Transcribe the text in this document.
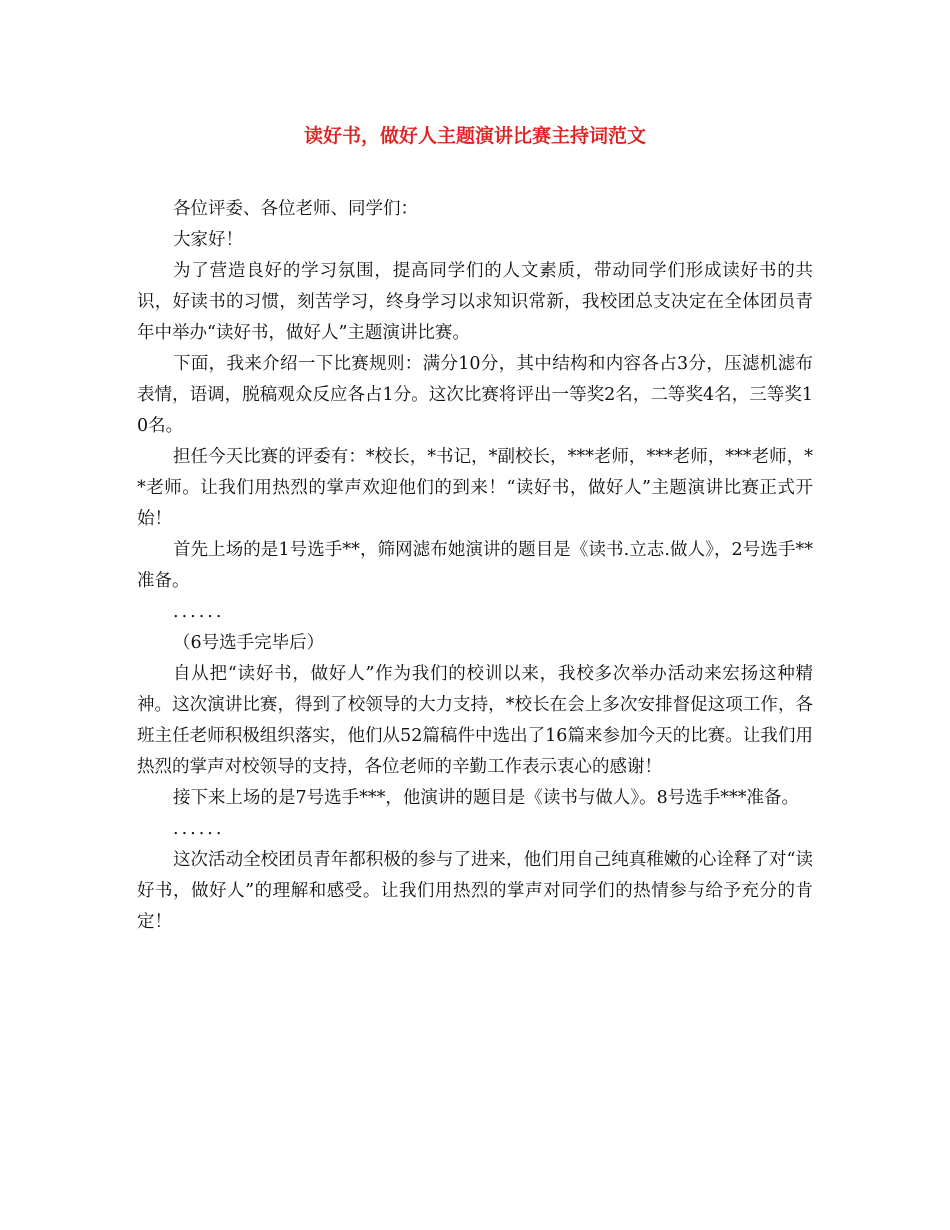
读好书，做好人主题演讲比赛主持词范文

各位评委、各位老师、同学们：

大家好！

为了营造良好的学习氛围，提高同学们的人文素质，带动同学们形成读好书的共识，好读书的习惯，刻苦学习，终身学习以求知识常新，我校团总支决定在全体团员青年中举办“读好书，做好人”主题演讲比赛。

下面，我来介绍一下比赛规则：满分10分，其中结构和内容各占3分，压滤机滤布表情，语调，脱稿观众反应各占1分。这次比赛将评出一等奖2名，二等奖4名，三等奖10名。

担任今天比赛的评委有：*校长，*书记，*副校长，***老师，***老师，***老师，**老师。让我们用热烈的掌声欢迎他们的到来！“读好书，做好人”主题演讲比赛正式开始！

首先上场的是1号选手**，筛网滤布她演讲的题目是《读书.立志.做人》，2号选手**准备。

......

（6号选手完毕后）

自从把“读好书，做好人”作为我们的校训以来，我校多次举办活动来宏扬这种精神。这次演讲比赛，得到了校领导的大力支持，*校长在会上多次安排督促这项工作，各班主任老师积极组织落实，他们从52篇稿件中选出了16篇来参加今天的比赛。让我们用热烈的掌声对校领导的支持，各位老师的辛勤工作表示衷心的感谢！

接下来上场的是7号选手***，他演讲的题目是《读书与做人》。8号选手***准备。

......

这次活动全校团员青年都积极的参与了进来，他们用自己纯真稚嫩的心诠释了对“读好书，做好人”的理解和感受。让我们用热烈的掌声对同学们的热情参与给予充分的肯定！
